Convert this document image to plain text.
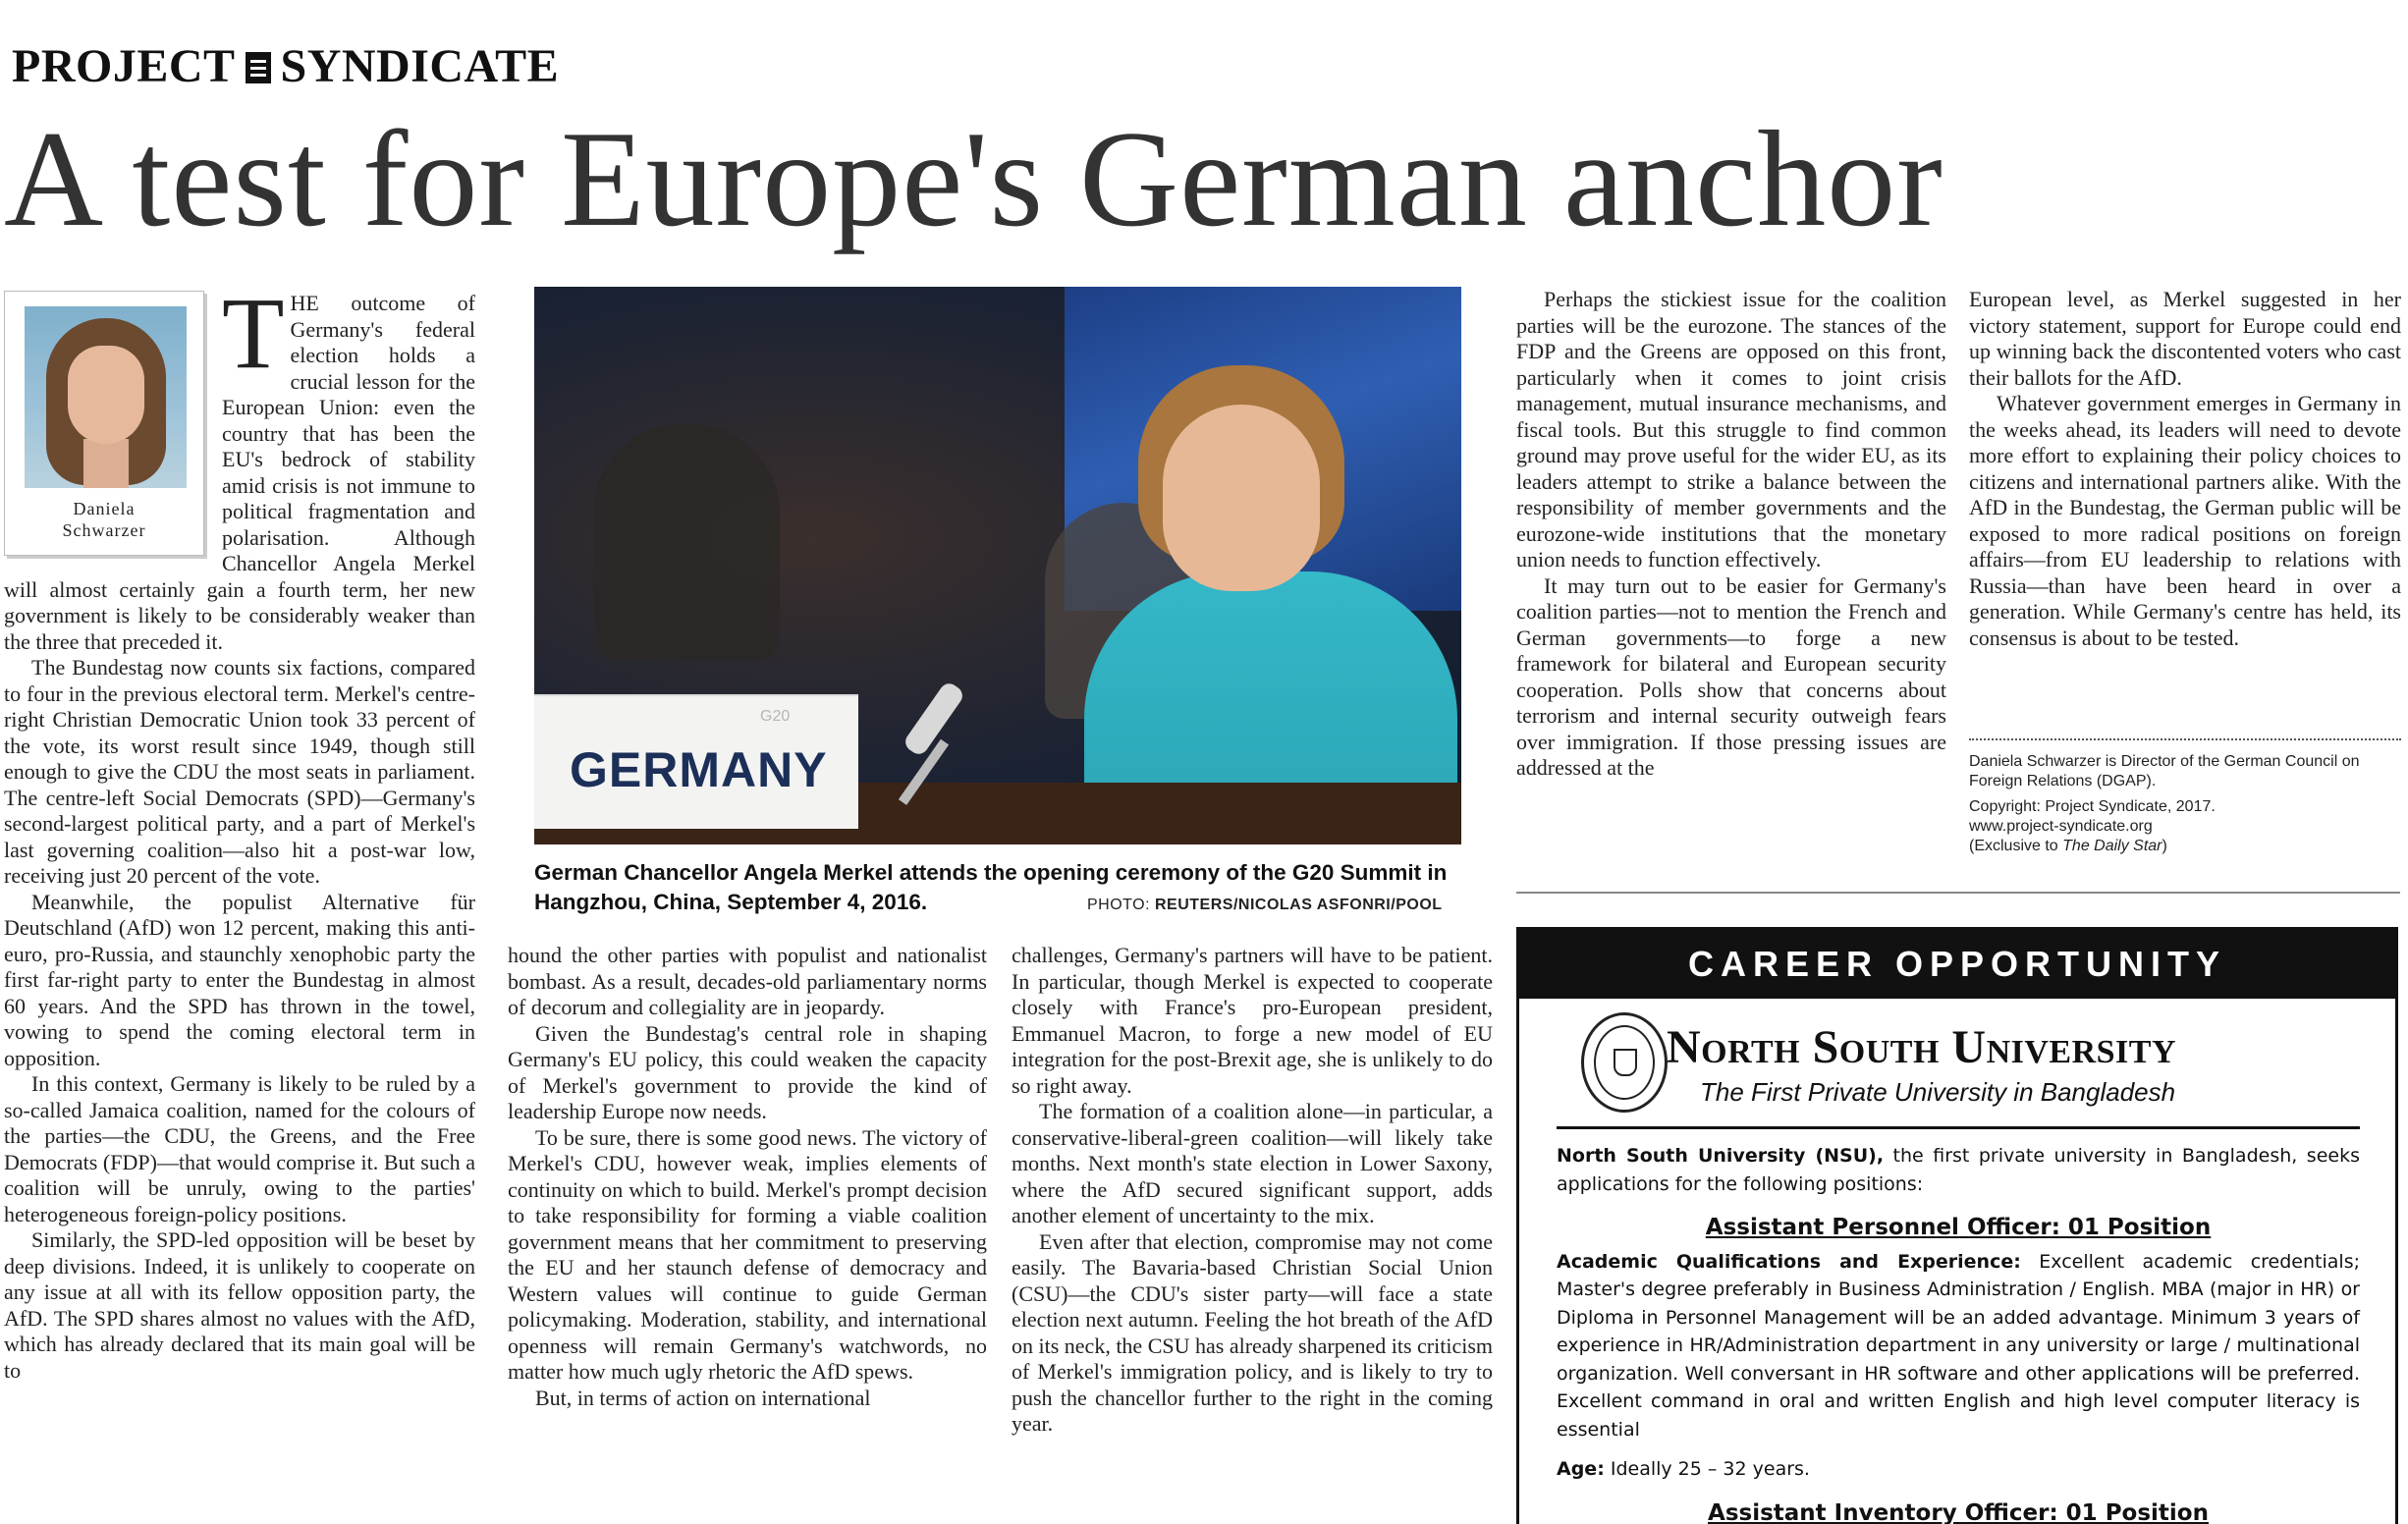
PROJECT SYNDICATE
A test for Europe's German anchor
Daniela
Schwarzer
T HE outcome of Germany's federal election holds a crucial lesson for the European Union: even the country that has been the EU's bedrock of stability amid crisis is not immune to political fragmentation and polarisation. Although Chancellor Angela Merkel will almost certainly gain a fourth term, her new government is likely to be considerably weaker than the three that preceded it.

The Bundestag now counts six factions, compared to four in the previous electoral term. Merkel's centre-right Christian Democratic Union took 33 percent of the vote, its worst result since 1949, though still enough to give the CDU the most seats in parliament. The centre-left Social Democrats (SPD)—Germany's second-largest political party, and a part of Merkel's last governing coalition—also hit a post-war low, receiving just 20 percent of the vote.

Meanwhile, the populist Alternative für Deutschland (AfD) won 12 percent, making this anti-euro, pro-Russia, and staunchly xenophobic party the first far-right party to enter the Bundestag in almost 60 years. And the SPD has thrown in the towel, vowing to spend the coming electoral term in opposition.

In this context, Germany is likely to be ruled by a so-called Jamaica coalition, named for the colours of the parties—the CDU, the Greens, and the Free Democrats (FDP)—that would comprise it. But such a coalition will be unruly, owing to the parties' heterogeneous foreign-policy positions.

Similarly, the SPD-led opposition will be beset by deep divisions. Indeed, it is unlikely to cooperate on any issue at all with its fellow opposition party, the AfD. The SPD shares almost no values with the AfD, which has already declared that its main goal will be to

G20
GERMANY
German Chancellor Angela Merkel attends the opening ceremony of the G20 Summit in Hangzhou, China, September 4, 2016.	PHOTO: REUTERS/NICOLAS ASFONRI/POOL

hound the other parties with populist and nationalist bombast. As a result, decades-old parliamentary norms of decorum and collegiality are in jeopardy.

Given the Bundestag's central role in shaping Germany's EU policy, this could weaken the capacity of Merkel's government to provide the kind of leadership Europe now needs.

To be sure, there is some good news. The victory of Merkel's CDU, however weak, implies elements of continuity on which to build. Merkel's prompt decision to take responsibility for forming a viable coalition government means that her commitment to preserving the EU and her staunch defense of democracy and Western values will continue to guide German policymaking. Moderation, stability, and international openness will remain Germany's watchwords, no matter how much ugly rhetoric the AfD spews.

But, in terms of action on international

challenges, Germany's partners will have to be patient. In particular, though Merkel is expected to cooperate closely with France's pro-European president, Emmanuel Macron, to forge a new model of EU integration for the post-Brexit age, she is unlikely to do so right away.

The formation of a coalition alone—in particular, a conservative-liberal-green coalition—will likely take months. Next month's state election in Lower Saxony, where the AfD secured significant support, adds another element of uncertainty to the mix.

Even after that election, compromise may not come easily. The Bavaria-based Christian Social Union (CSU)—the CDU's sister party—will face a state election next autumn. Feeling the hot breath of the AfD on its neck, the CSU has already sharpened its criticism of Merkel's immigration policy, and is likely to try to push the chancellor further to the right in the coming year.

Perhaps the stickiest issue for the coalition parties will be the eurozone. The stances of the FDP and the Greens are opposed on this front, particularly when it comes to joint crisis management, mutual insurance mechanisms, and fiscal tools. But this struggle to find common ground may prove useful for the wider EU, as its leaders attempt to strike a balance between the responsibility of member governments and the eurozone-wide institutions that the monetary union needs to function effectively.

It may turn out to be easier for Germany's coalition parties—not to mention the French and German governments—to forge a new framework for bilateral and European security cooperation. Polls show that concerns about terrorism and internal security outweigh fears over immigration. If those pressing issues are addressed at the

European level, as Merkel suggested in her victory statement, support for Europe could end up winning back the discontented voters who cast their ballots for the AfD.

Whatever government emerges in Germany in the weeks ahead, its leaders will need to devote more effort to explaining their policy choices to citizens and international partners alike. With the AfD in the Bundestag, the German public will be exposed to more radical positions on foreign affairs—from EU leadership to relations with Russia—than have been heard in over a generation. While Germany's centre has held, its consensus is about to be tested.

Daniela Schwarzer is Director of the German Council on Foreign Relations (DGAP).

Copyright: Project Syndicate, 2017.

www.project-syndicate.org

(Exclusive to The Daily Star)

CAREER OPPORTUNITY
North South University
The First Private University in Bangladesh

North South University (NSU), the first private university in Bangladesh, seeks applications for the following positions:

Assistant Personnel Officer: 01 Position

Academic Qualifications and Experience: Excellent academic credentials; Master's degree preferably in Business Administration / English. MBA (major in HR) or Diploma in Personnel Management will be an added advantage. Minimum 3 years of experience in HR/Administration department in any university or large / multinational organization. Well conversant in HR software and other applications will be preferred. Excellent command in oral and written English and high level computer literacy is essential

Age: Ideally 25 – 32 years.

Assistant Inventory Officer: 01 Position
